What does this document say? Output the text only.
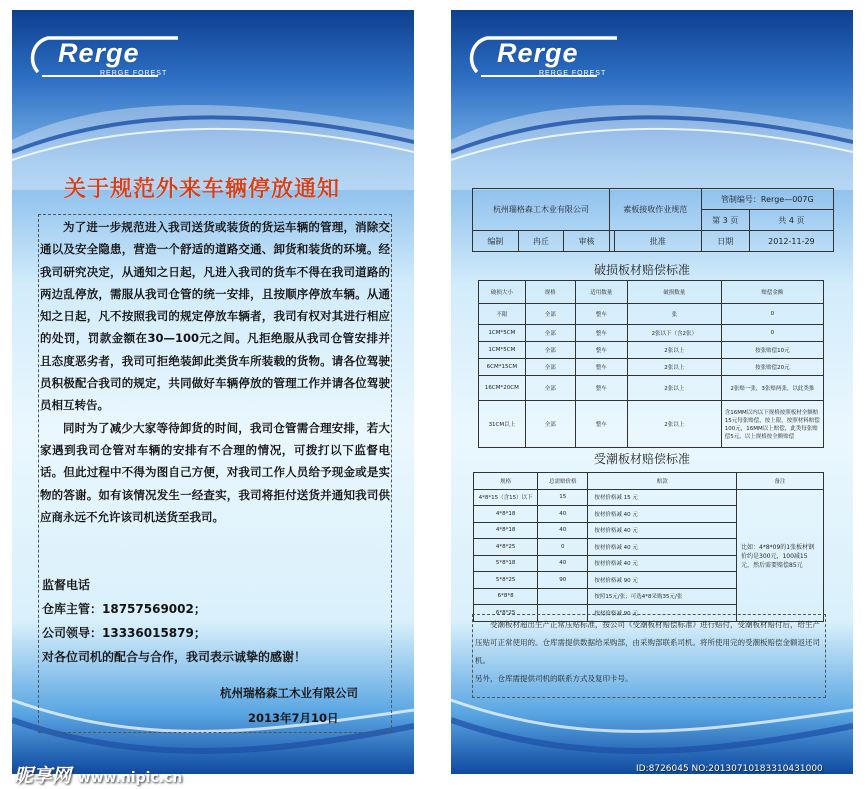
Rerge
RERGE FOREST
关于规范外来车辆停放通知

为了进一步规范进入我司送货或装货的货运车辆的管理，消除交通以及安全隐患，营造一个舒适的道路交通、卸货和装货的环境。经我司研究决定，从通知之日起，凡进入我司的货车不得在我司道路的两边乱停放，需服从我司仓管的统一安排，且按顺序停放车辆。从通知之日起，凡不按照我司的规定停放车辆者，我司有权对其进行相应的处罚，罚款金额在30—100元之间。凡拒绝服从我司仓管安排并且态度恶劣者，我司可拒绝装卸此类货车所装载的货物。请各位驾驶员积极配合我司的规定，共同做好车辆停放的管理工作并请各位驾驶员相互转告。

同时为了减少大家等待卸货的时间，我司仓管需合理安排，若大家遇到我司仓管对车辆的安排有不合理的情况，可拨打以下监督电话。但此过程中不得为图自己方便，对我司工作人员给予现金或是实物的答谢。如有该情况发生一经查实，我司将拒付送货并通知我司供应商永远不允许该司机送货至我司。

监督电话
仓库主管：18757569002；
公司领导：13336015879；
对各位司机的配合与合作，我司表示诚挚的感谢！
杭州瑞格森工木业有限公司
2013年7月10日
Rerge
RERGE FOREST
杭州瑞格森工木业有限公司			素板接收作业规范		管制编号：Rerge—007G	
					第 3 页	共 4 页
编制	冉丘	审核		批准	日期	2012-11-29
破损板材赔偿标准
破损大小	规格	适用数量	破损数量	赔偿金额
不限	全部	整车	张	0
1CM*5CM	全部	整车	2张以下（含2张）	0
1CM*5CM	全部	整车	2张以上	按张赔偿10元
6CM*15CM	全部	整车	2张以上	按张赔偿20元
16CM*20CM	全部	整车	2张以上	2张赔一张，3张赔两张，以此类推
31CM以上	全部	整车	2张以上	含16MM以内以下规格按照板材全额赔15元每张赔偿，按上限，按照材料赔偿100元，16MM以上赔偿，此类每张赔偿5元，以上规格按全额赔偿
受潮板材赔偿标准
规格	总需赔价格	赔款	备注
4*8*15（含15）以下	15	按材价格减 15 元	比如：4*8*09的1张板材钢价约是300元，100减15元，然后需要赔偿85元
4*8*18	40	按材价格减 40 元	
4*8*18	40	按材价格减 40 元	
4*8*25	0	按材价格减 40 元	
5*8*18	40	按材价格减 40 元	
5*8*25	90	按材价格减 90 元	
6*8*8		按照15元/张；可选4*8采购35元/张	
6*8*25		按材价格减 90 元	

受潮板材超出生产正常压贴标准，按公司《受潮板材赔偿标准》进行赔付，受潮板材赔付后，给生产压贴可正常使用的。仓库需提供数据给采购部，由采购部联系司机。将所使用完的受潮板赔偿金额返还司机。

另外，仓库需提供司机的联系方式及复印卡号。

昵享网 www.nipic.cn
ID:8726045 NO:20130710183310431000
